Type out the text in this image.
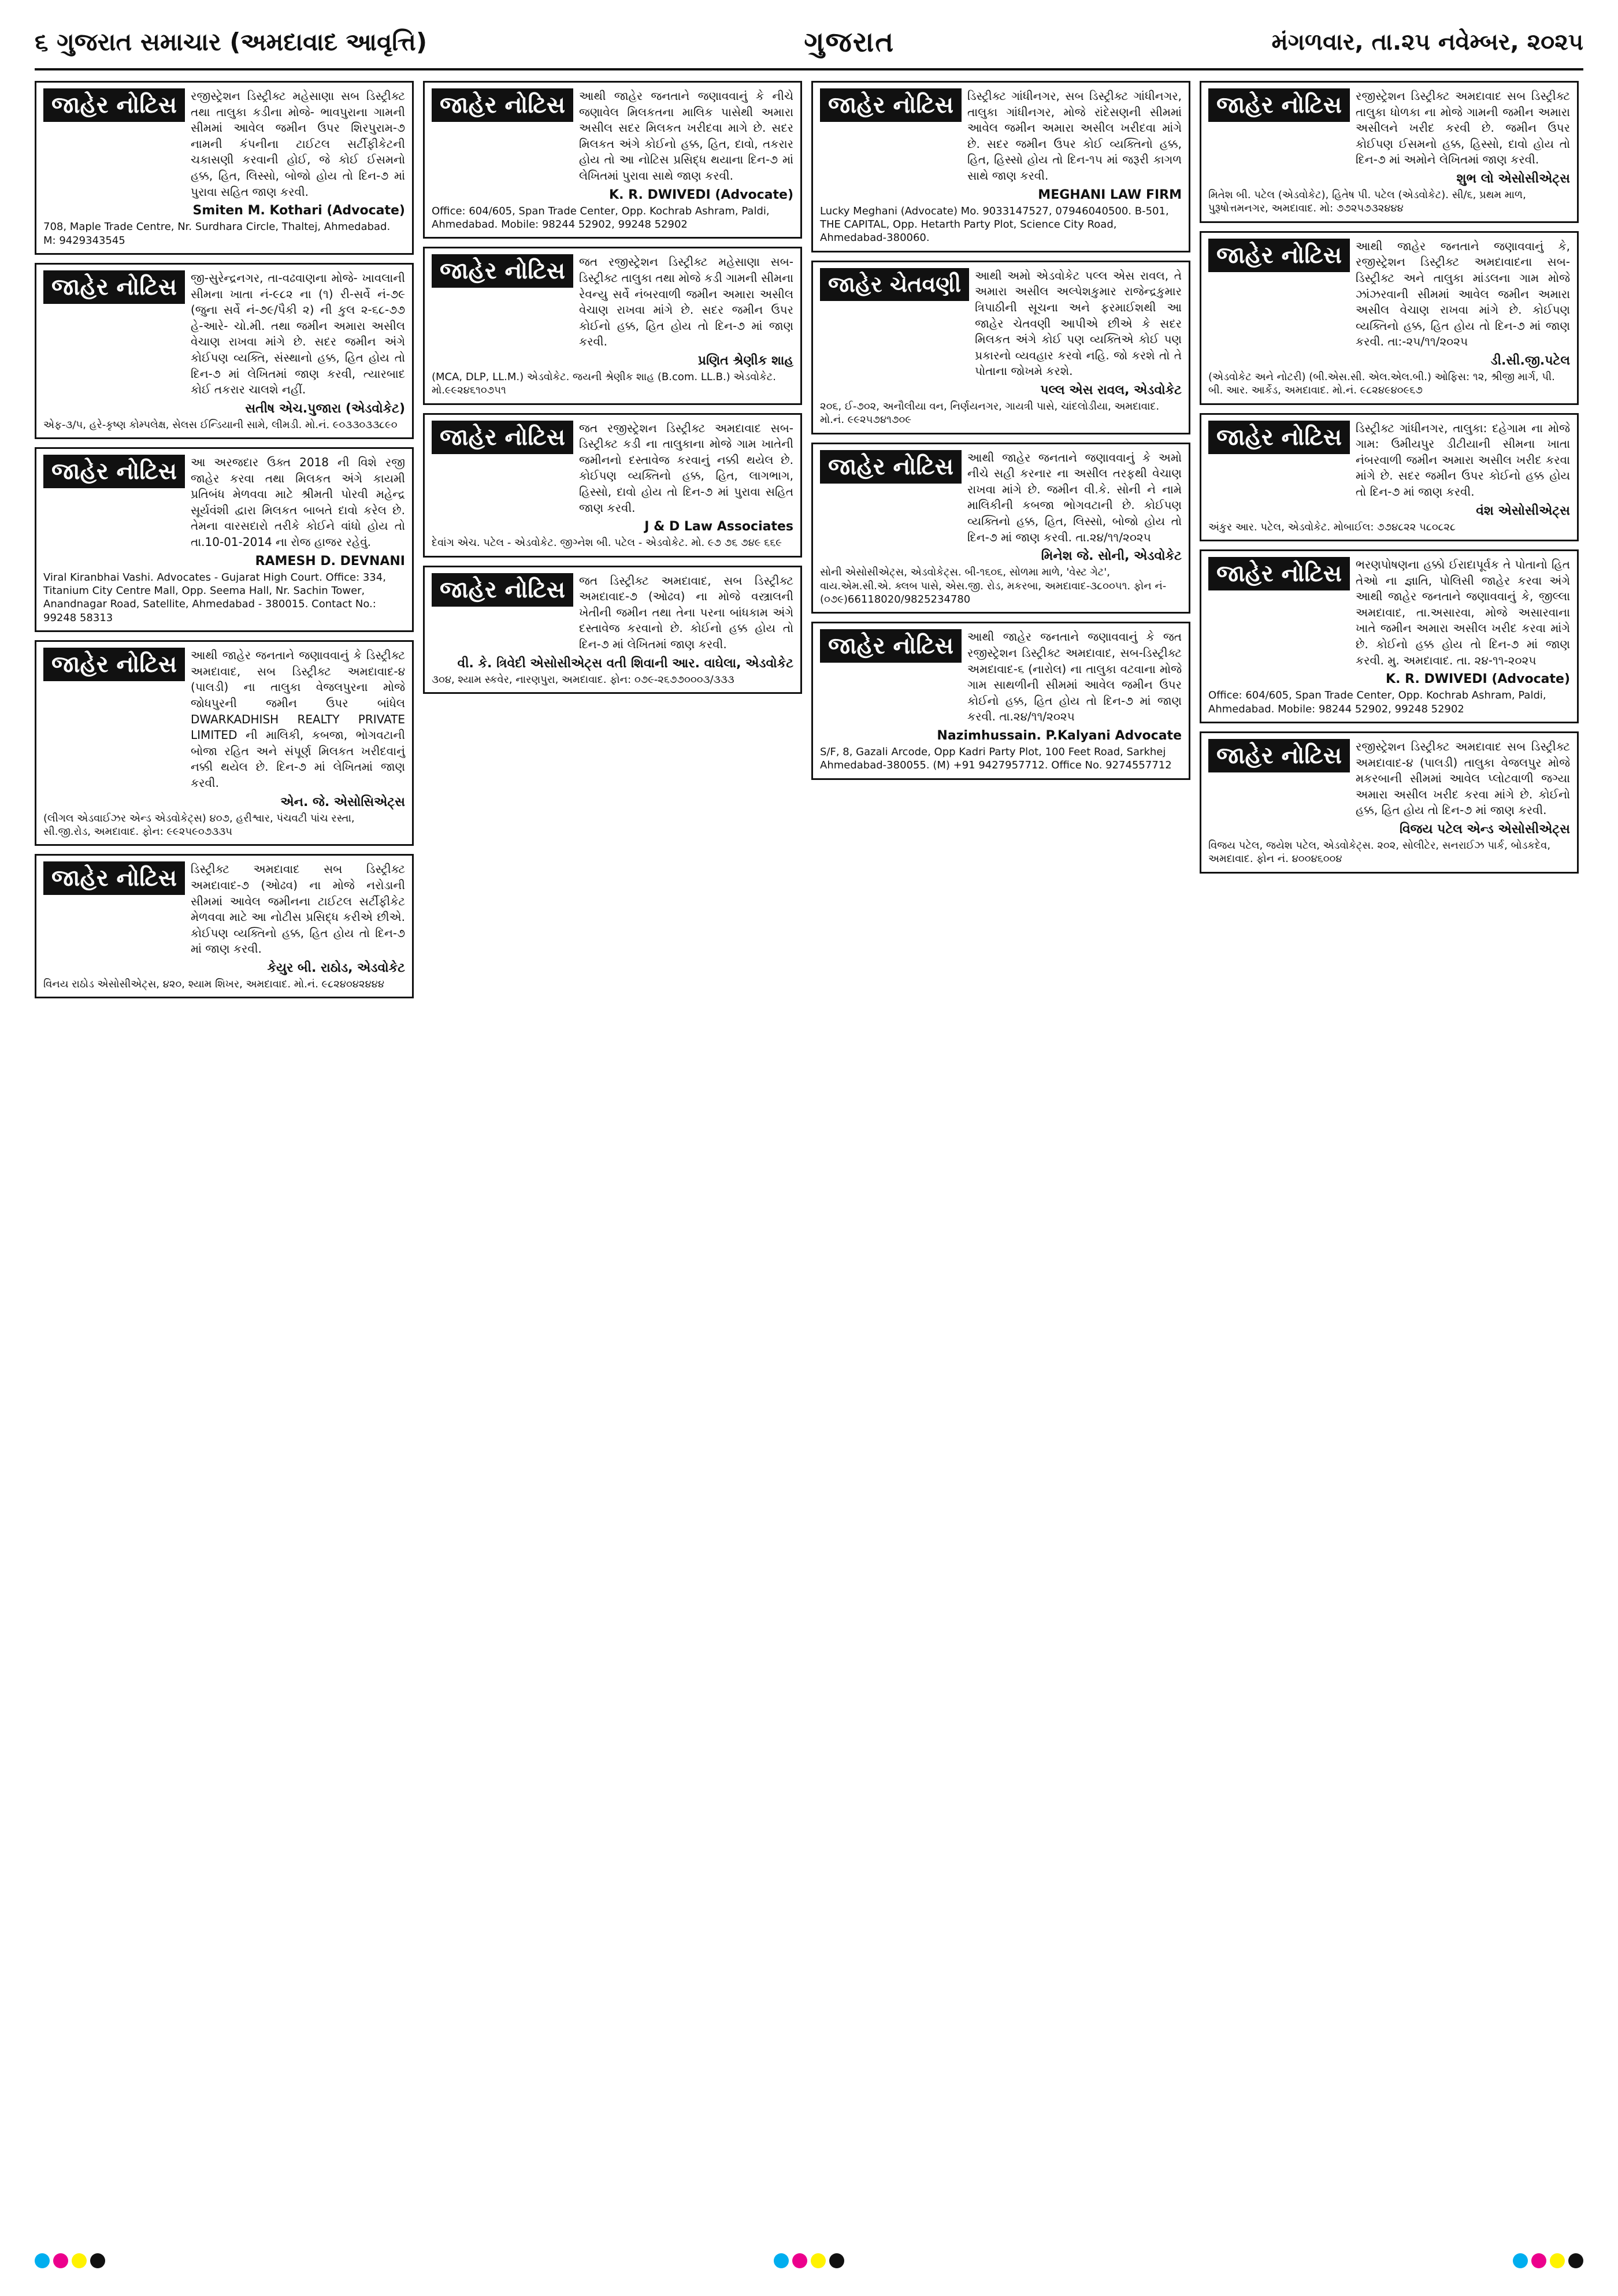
૬ ગુજરાત સમાચાર (અમદાવાદ આવૃત્તિ)	ગુજરાત	મંગળવાર, તા.૨૫ નવેમ્બર, ૨૦૨૫
જાહેર નોટિસ	રજીસ્ટ્રેશન ડિસ્ટ્રીક્ટ મહેસાણા સબ ડિસ્ટ્રીક્ટ તથા તાલુકા કડીના મોજે- ભાવપુરાના ગામની સીમમાં આવેલ જમીન ઉપર શિરપુરામ-૭ નામની કંપનીના ટાઈટલ સર્ટીફીકેટની ચકાસણી કરવાની હોઈ, જે કોઈ ઈસમનો હક્ક, હિત, લિસ્સો, બોજો હોય તો દિન-૭ માં પુરાવા સહિત જાણ કરવી.
Smiten M. Kothari (Advocate)
708, Maple Trade Centre, Nr. Surdhara Circle, Thaltej, Ahmedabad. M: 9429343545
જાહેર નોટિસ	જી-સુરેન્દ્રનગર, તા-વઢવાણના મોજે- ખાવલાની સીમના ખાતા નં-૯૮૨ ના (૧) રી-સર્વે નં-૭૯ (જુના સર્વે નં-૭૯/પૈકી ૨) ની કુલ ૨-૬૮-૭૭ હે-આરે- ચો.મી. તથા જમીન અમારા અસીલ વેચાણ રાખવા માંગે છે. સદર જમીન અંગે કોઈપણ વ્યક્તિ, સંસ્થાનો હક્ક, હિત હોય તો દિન-૭ માં લેખિતમાં જાણ કરવી, ત્યારબાદ કોઈ તકરાર ચાલશે નહીં.
સતીષ એચ.પુજારા (એડવોકેટ)
એફ-૩/૫, હરે-કૃષ્ણ કોમ્પલેક્ષ, સેલસ ઈન્ડિયાની સામે, લીમડી. મો.નં. ૯૦૩૩૦૩૩૮૯૦
જાહેર નોટિસ	આ અરજદાર ઉક્ત 2018 ની વિશે રજી જાહેર કરવા તથા મિલકત અંગે કાયમી પ્રતિબંધ મેળવવા માટે શ્રીમતી પોરવી મહેન્દ્ર સૂર્યવંશી દ્વારા મિલકત બાબતે દાવો કરેલ છે. તેમના વારસદારો તરીકે કોઈને વાંધો હોય તો તા.10-01-2014 ના રોજ હાજર રહેવું.
RAMESH D. DEVNANI
Viral Kiranbhai Vashi. Advocates - Gujarat High Court. Office: 334, Titanium City Centre Mall, Opp. Seema Hall, Nr. Sachin Tower, Anandnagar Road, Satellite, Ahmedabad - 380015. Contact No.: 99248 58313
જાહેર નોટિસ	આથી જાહેર જનતાને જણાવવાનું કે ડિસ્ટ્રીક્ટ અમદાવાદ, સબ ડિસ્ટ્રીક્ટ અમદાવાદ-૪ (પાલડી) ના તાલુકા વેજલપુરના મોજે જોધપુરની જમીન ઉપર બાંધેલ DWARKADHISH REALTY PRIVATE LIMITED ની માલિકી, કબજા, ભોગવટાની બોજા રહિત અને સંપૂર્ણ મિલકત ખરીદવાનું નક્કી થયેલ છે. દિન-૭ માં લેખિતમાં જાણ કરવી.
એન. જે. એસોસિએટ્સ
(લીગલ એડવાઈઝર એન્ડ એડવોકેટ્સ) ૪૦૭, હરીશ્વાર, પંચવટી પાંચ રસ્તા, સી.જી.રોડ, અમદાવાદ. ફોન: ૯૯૨૫૯૦૭૩૩૫
જાહેર નોટિસ	ડિસ્ટ્રીક્ટ અમદાવાદ સબ ડિસ્ટ્રીક્ટ અમદાવાદ-૭ (ઓઢવ) ના મોજે નરોડાની સીમમાં આવેલ જમીનના ટાઈટલ સર્ટીફીકેટ મેળવવા માટે આ નોટીસ પ્રસિદ્ધ કરીએ છીએ. કોઈપણ વ્યક્તિનો હક્ક, હિત હોય તો દિન-૭ માં જાણ કરવી.
કેયુર બી. રાઠોડ, એડવોકેટ
વિનય રાઠોડ એસોસીએટ્સ, ૪૨૦, શ્યામ શિખર, અમદાવાદ. મો.નં. ૯૮૨૪૦૪૨૪૪૪
જાહેર નોટિસ	આથી જાહેર જનતાને જણાવવાનું કે નીચે જણાવેલ મિલકતના માલિક પાસેથી અમારા અસીલ સદર મિલકત ખરીદવા માગે છે. સદર મિલકત અંગે કોઈનો હક્ક, હિત, દાવો, તકરાર હોય તો આ નોટિસ પ્રસિદ્ધ થયાના દિન-૭ માં લેખિતમાં પુરાવા સાથે જાણ કરવી.
K. R. DWIVEDI (Advocate)
Office: 604/605, Span Trade Center, Opp. Kochrab Ashram, Paldi, Ahmedabad. Mobile: 98244 52902, 99248 52902
જાહેર નોટિસ	જત રજીસ્ટ્રેશન ડિસ્ટ્રીક્ટ મહેસાણા સબ-ડિસ્ટ્રીક્ટ તાલુકા તથા મોજે કડી ગામની સીમના રેવન્યુ સર્વે નંબરવાળી જમીન અમારા અસીલ વેચાણ રાખવા માંગે છે. સદર જમીન ઉપર કોઈનો હક્ક, હિત હોય તો દિન-૭ માં જાણ કરવી.
પ્રણિત શ્રેણીક શાહ
(MCA, DLP, LL.M.) એડવોકેટ. જયની શ્રેણીક શાહ (B.com. LL.B.) એડવોકેટ. મો.૯૯૨૪૬૧૦૭૫૧
જાહેર નોટિસ	જત રજીસ્ટ્રેશન ડિસ્ટ્રીક્ટ અમદાવાદ સબ-ડિસ્ટ્રીક્ટ કડી ના તાલુકાના મોજે ગામ ખાતેની જમીનનો દસ્તાવેજ કરવાનું નક્કી થયેલ છે. કોઈપણ વ્યક્તિનો હક્ક, હિત, લાગભાગ, હિસ્સો, દાવો હોય તો દિન-૭ માં પુરાવા સહિત જાણ કરવી.
J & D Law Associates
દેવાંગ એચ. પટેલ - એડવોકેટ. જીગ્નેશ બી. પટેલ - એડવોકેટ. મો. ૯૭ ૭૬ ૭૪૯ ૬૬૯
જાહેર નોટિસ	જત ડિસ્ટ્રીક્ટ અમદાવાદ, સબ ડિસ્ટ્રીક્ટ અમદાવાદ-૭ (ઓઢવ) ના મોજે વસ્ત્રાલની ખેતીની જમીન તથા તેના પરના બાંધકામ અંગે દસ્તાવેજ કરવાનો છે. કોઈનો હક્ક હોય તો દિન-૭ માં લેખિતમાં જાણ કરવી.
વી. કે. ત્રિવેદી એસોસીએટ્સ વતી શિવાની આર. વાઘેલા, એડવોકેટ
૩૦૪, શ્યામ સ્કવેર, નારણપુરા, અમદાવાદ. ફોન: ૦૭૯-૨૬૭૭૦૦૦૩/૩૩૩
જાહેર નોટિસ	ડિસ્ટ્રીક્ટ ગાંધીનગર, સબ ડિસ્ટ્રીક્ટ ગાંધીનગર, તાલુકા ગાંધીનગર, મોજે રાંદેસણની સીમમાં આવેલ જમીન અમારા અસીલ ખરીદવા માંગે છે. સદર જમીન ઉપર કોઈ વ્યક્તિનો હક્ક, હિત, હિસ્સો હોય તો દિન-૧૫ માં જરૂરી કાગળ સાથે જાણ કરવી.
MEGHANI LAW FIRM
Lucky Meghani (Advocate) Mo. 9033147527, 07946040500. B-501, THE CAPITAL, Opp. Hetarth Party Plot, Science City Road, Ahmedabad-380060.
જાહેર ચેતવણી	આથી અમો એડવોકેટ પલ્લ એસ રાવલ, તે અમારા અસીલ અલ્પેશકુમાર રાજેન્દ્રકુમાર ત્રિપાઠીની સૂચના અને ફરમાઈશથી આ જાહેર ચેતવણી આપીએ છીએ કે સદર મિલકત અંગે કોઈ પણ વ્યક્તિએ કોઈ પણ પ્રકારનો વ્યવહાર કરવો નહિ. જો કરશે તો તે પોતાના જોખમે કરશે.
પલ્લ એસ રાવલ, એડવોકેટ
૨૦૬, ઈ-૭૦૨, અનૌલીયા વન, નિર્ણયનગર, ગાયત્રી પાસે, ચાંદલોડીયા, અમદાવાદ. મો.નં. ૯૯૨૫૭૪૧૭૦૯
જાહેર નોટિસ	આથી જાહેર જનતાને જણાવવાનું કે અમો નીચે સહી કરનાર ના અસીલ તરફથી વેચાણ રાખવા માંગે છે. જમીન વી.કે. સોની ને નામે માલિકીની કબજા ભોગવટાની છે. કોઈપણ વ્યક્તિનો હક્ક, હિત, લિસ્સો, બોજો હોય તો દિન-૭ માં જાણ કરવી. તા.૨૪/૧૧/૨૦૨૫
મિનેશ જે. સોની, એડવોકેટ
સોની એસોસીએટ્સ, એડવોકેટ્સ. બી-૧૬૦૬, સોળમા માળે, 'વેસ્ટ ગેટ', વાય.એમ.સી.એ. ક્લબ પાસે, એસ.જી. રોડ, મકરબા, અમદાવાદ-૩૮૦૦૫૧. ફોન નં-(૦૭૯)66118020/9825234780
જાહેર નોટિસ	આથી જાહેર જનતાને જણાવવાનું કે જત રજીસ્ટ્રેશન ડિસ્ટ્રીક્ટ અમદાવાદ, સબ-ડિસ્ટ્રીક્ટ અમદાવાદ-૬ (નારોલ) ના તાલુકા વટવાના મોજે ગામ સાથળીની સીમમાં આવેલ જમીન ઉપર કોઈનો હક્ક, હિત હોય તો દિન-૭ માં જાણ કરવી. તા.૨૪/૧૧/૨૦૨૫
Nazimhussain. P.Kalyani Advocate
S/F, 8, Gazali Arcode, Opp Kadri Party Plot, 100 Feet Road, Sarkhej Ahmedabad-380055. (M) +91 9427957712. Office No. 9274557712
જાહેર નોટિસ	રજીસ્ટ્રેશન ડિસ્ટ્રીક્ટ અમદાવાદ સબ ડિસ્ટ્રીક્ટ તાલુકા ધોળકા ના મોજે ગામની જમીન અમારા અસીલને ખરીદ કરવી છે. જમીન ઉપર કોઈપણ ઈસમનો હક્ક, હિસ્સો, દાવો હોય તો દિન-૭ માં અમોને લેખિતમાં જાણ કરવી.
શુભ લો એસોસીએટ્સ
મિતેશ બી. પટેલ (એડવોકેટ), હિતેષ પી. પટેલ (એડવોકેટ). સી/૬, પ્રથમ માળ, પુરૂષોત્તમનગર, અમદાવાદ. મો: ૭૭૨૫૭૩૨૪૪૪
જાહેર નોટિસ	આથી જાહેર જનતાને જણાવવાનું કે, રજીસ્ટ્રેશન ડિસ્ટ્રીક્ટ અમદાવાદના સબ-ડિસ્ટ્રીક્ટ અને તાલુકા માંડલના ગામ મોજે ઝાંઝરવાની સીમમાં આવેલ જમીન અમારા અસીલ વેચાણ રાખવા માંગે છે. કોઈપણ વ્યક્તિનો હક્ક, હિત હોય તો દિન-૭ માં જાણ કરવી. તા:-૨૫/૧૧/૨૦૨૫
ડી.સી.જી.પટેલ
(એડવોકેટ અને નોટરી) (બી.એસ.સી. એલ.એલ.બી.) ઓફિસ: ૧૨, શ્રીજી માર્ગ, પી. બી. આર. આર્કેડ, અમદાવાદ. મો.નં. ૯૮૨૪૯૪૦૯૬૭
જાહેર નોટિસ	ડિસ્ટ્રીક્ટ ગાંધીનગર, તાલુકા: દહેગામ ના મોજે ગામ: ઉમીયપુર ડીટીયાની સીમના ખાતા નંબરવાળી જમીન અમારા અસીલ ખરીદ કરવા માંગે છે. સદર જમીન ઉપર કોઈનો હક્ક હોય તો દિન-૭ માં જાણ કરવી.
વંશ એસોસીએટ્સ
અંકુર આર. પટેલ, એડવોકેટ. મોબાઈલ: ૭૭૪૮૨૨ ૫૮૦૮૨૮
જાહેર નોટિસ	ભરણપોષણના હક્કો ઈરાદાપૂર્વક તે પોતાનો હિત તેઓ ના જ્ઞાતિ, પોલિસી જાહેર કરવા અંગે આથી જાહેર જનતાને જણાવવાનું કે, જીલ્લા અમદાવાદ, તા.અસારવા, મોજે અસારવાના ખાતે જમીન અમારા અસીલ ખરીદ કરવા માંગે છે. કોઈનો હક્ક હોય તો દિન-૭ માં જાણ કરવી. મુ. અમદાવાદ. તા. ૨૪-૧૧-૨૦૨૫
K. R. DWIVEDI (Advocate)
Office: 604/605, Span Trade Center, Opp. Kochrab Ashram, Paldi, Ahmedabad. Mobile: 98244 52902, 99248 52902
જાહેર નોટિસ	રજીસ્ટ્રેશન ડિસ્ટ્રીક્ટ અમદાવાદ સબ ડિસ્ટ્રીક્ટ અમદાવાદ-૪ (પાલડી) તાલુકા વેજલપુર મોજે મકરબાની સીમમાં આવેલ પ્લોટવાળી જગ્યા અમારા અસીલ ખરીદ કરવા માંગે છે. કોઈનો હક્ક, હિત હોય તો દિન-૭ માં જાણ કરવી.
વિજય પટેલ એન્ડ એસોસીએટ્સ
વિજય પટેલ, જયેશ પટેલ, એડવોકેટ્સ. ૨૦૨, સોલીટેર, સનરાઈઝ પાર્ક, બોડકદેવ, અમદાવાદ. ફોન નં. ૪૦૦૪૬૦૦૪
